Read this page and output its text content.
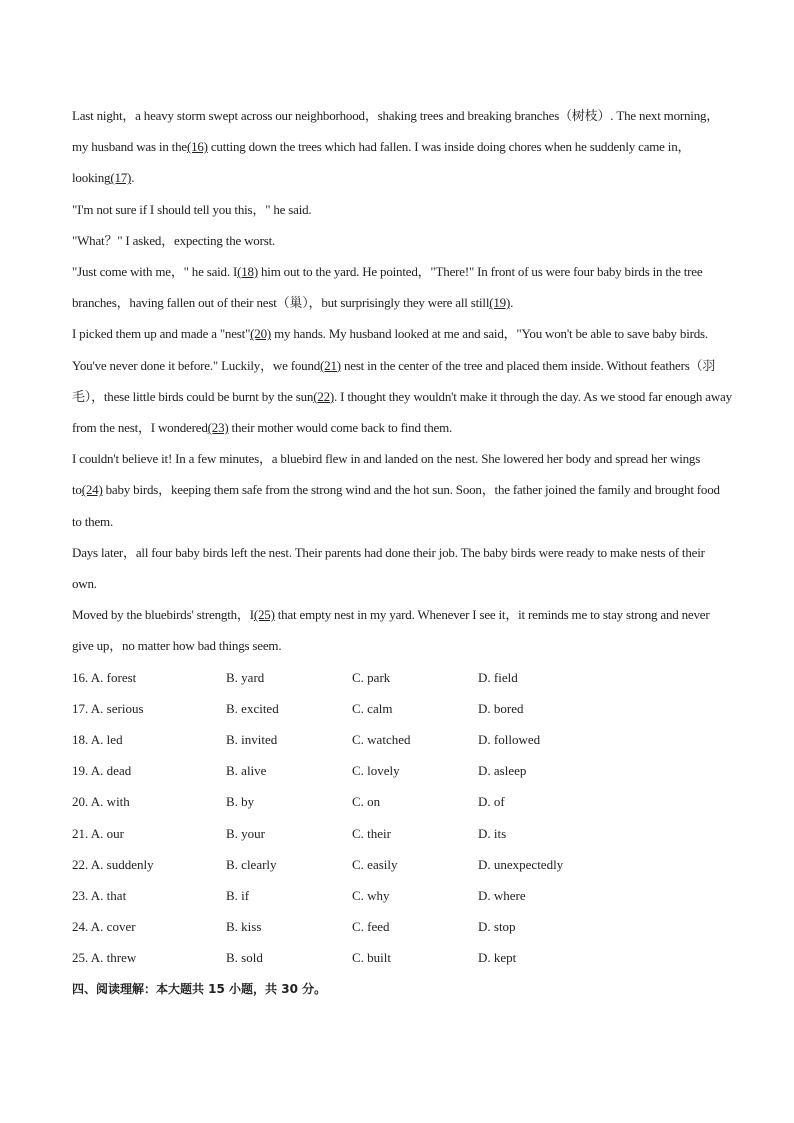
Last night，a heavy storm swept across our neighborhood，shaking trees and breaking branches（树枝）. The next morning，my husband was in the(16) cutting down the trees which had fallen. I was inside doing chores when he suddenly came in，looking(17).

"I'm not sure if I should tell you this，" he said.

"What？" I asked，expecting the worst.

"Just come with me，" he said. I(18) him out to the yard. He pointed，"There!" In front of us were four baby birds in the tree branches，having fallen out of their nest（巢），but surprisingly they were all still(19).

I picked them up and made a "nest"(20) my hands. My husband looked at me and said，"You won't be able to save baby birds. You've never done it before." Luckily，we found(21) nest in the center of the tree and placed them inside. Without feathers（羽毛），these little birds could be burnt by the sun(22). I thought they wouldn't make it through the day. As we stood far enough away from the nest，I wondered(23) their mother would come back to find them.

I couldn't believe it! In a few minutes，a bluebird flew in and landed on the nest. She lowered her body and spread her wings to(24) baby birds，keeping them safe from the strong wind and the hot sun. Soon，the father joined the family and brought food to them.

Days later，all four baby birds left the nest. Their parents had done their job. The baby birds were ready to make nests of their own.

Moved by the bluebirds' strength，I(25) that empty nest in my yard. Whenever I see it，it reminds me to stay strong and never give up，no matter how bad things seem.

16. A. forest	B. yard	C. park	D. field
17. A. serious	B. excited	C. calm	D. bored
18. A. led	B. invited	C. watched	D. followed
19. A. dead	B. alive	C. lovely	D. asleep
20. A. with	B. by	C. on	D. of
21. A. our	B. your	C. their	D. its
22. A. suddenly	B. clearly	C. easily	D. unexpectedly
23. A. that	B. if	C. why	D. where
24. A. cover	B. kiss	C. feed	D. stop
25. A. threw	B. sold	C. built	D. kept

四、阅读理解：本大题共 15 小题，共 30 分。
